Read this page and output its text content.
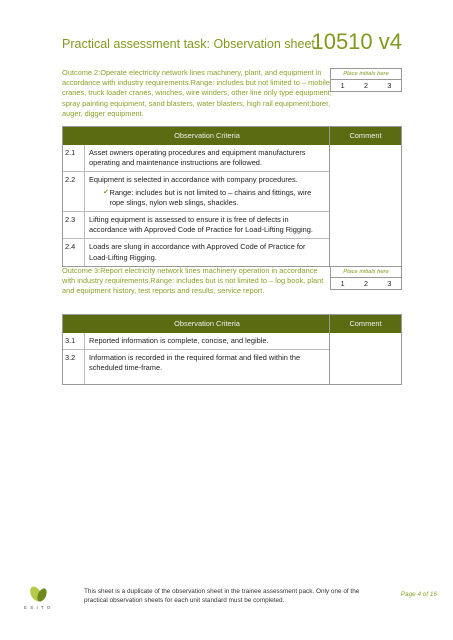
Practical assessment task: Observation sheet
10510 v4
Outcome 2:Operate electricity network lines machinery, plant, and equipment in accordance with industry requirements.Range: includes but not limited to – mobile cranes, truck loader cranes, winches, wire winders, other line only type equipment, spray painting equipment, sand blasters, water blasters, high rail equipment;borer, auger, digger equipment.
Place initials here
1	2	3
Observation Criteria	Comment
2.1	Asset owners operating procedures and equipment manufacturers operating and maintenance instructions are followed.
2.2	Equipment is selected in accordance with company procedures.
✔ Range: includes but is not limited to – chains and fittings, wire rope slings, nylon web slings, shackles.
2.3	Lifting equipment is assessed to ensure it is free of defects in accordance with Approved Code of Practice for Load-Lifting Rigging.
2.4	Loads are slung in accordance with Approved Code of Practice for Load-Lifting Rigging.
Outcome 3:Report electricity network lines machinery operation in accordance with industry requirements.Range: includes but is not limited to – log book, plant and equipment history, test reports and results, service report.
Place initials here
1	2	3
Observation Criteria	Comment
3.1	Reported information is complete, concise, and legible.
3.2	Information is recorded in the required format and filed within the scheduled time-frame.
E S I T O
This sheet is a duplicate of the observation sheet in the trainee assessment pack. Only one of the practical observation sheets for each unit standard must be completed.
Page 4 of 16
